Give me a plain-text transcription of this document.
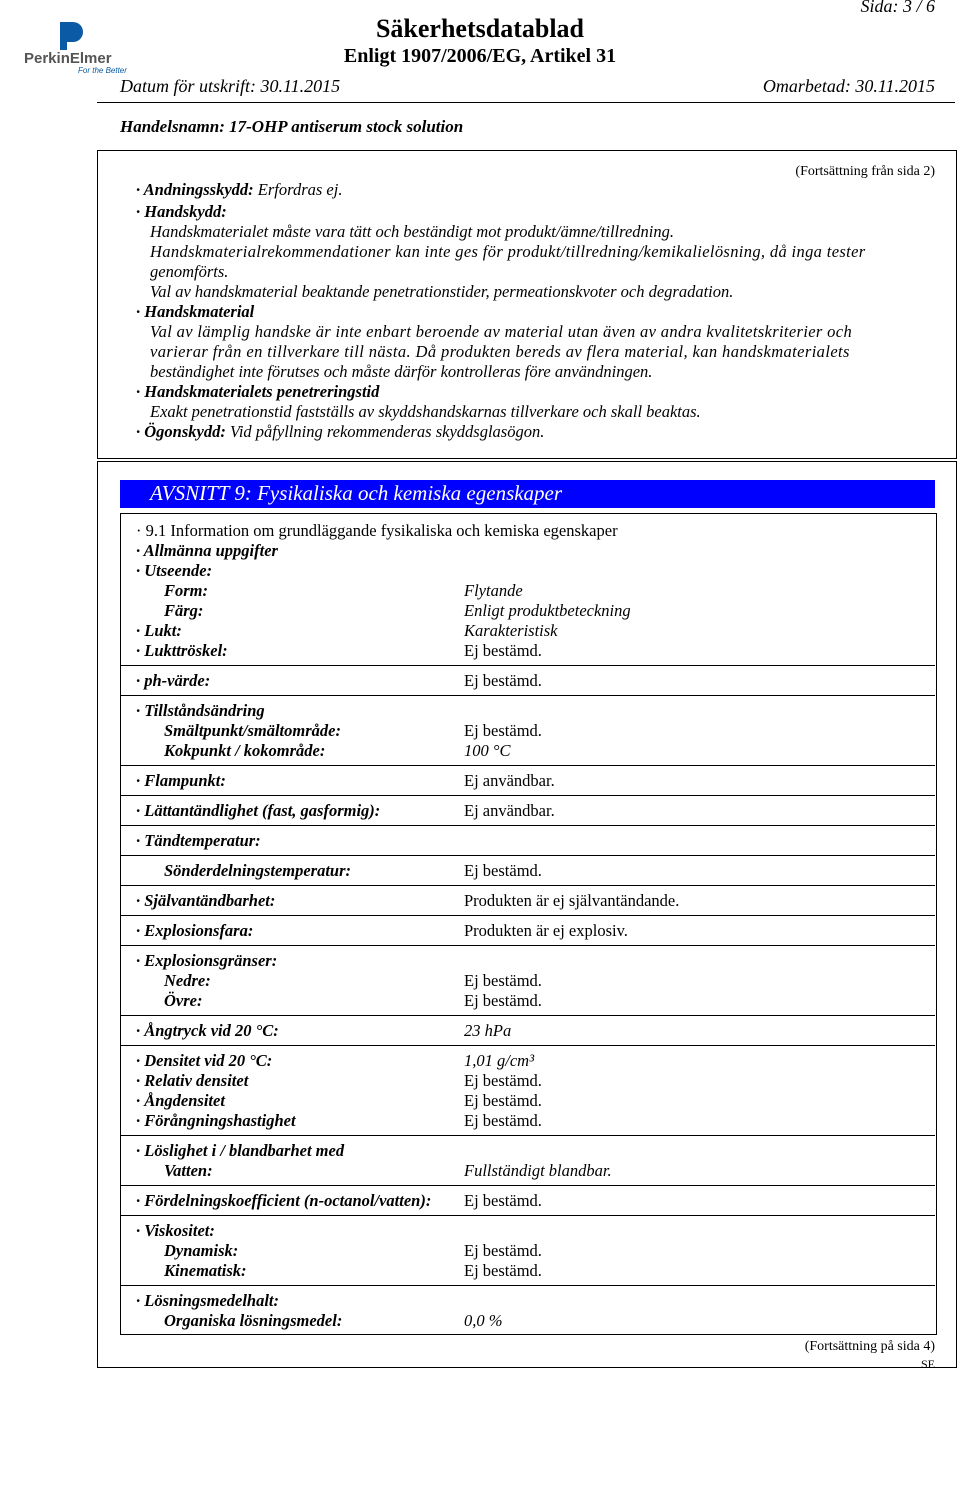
PerkinElmer
For the Better
Sida: 3 / 6
Säkerhetsdatablad
Enligt 1907/2006/EG, Artikel 31
Datum för utskrift: 30.11.2015	Omarbetad: 30.11.2015
Handelsnamn: 17-OHP antiserum stock solution
(Fortsättning från sida 2)
· Andningsskydd: Erfordras ej.
· Handskydd:
Handskmaterialet måste vara tätt och beständigt mot produkt/ämne/tillredning.
Handskmaterialrekommendationer kan inte ges för produkt/tillredning/kemikalielösning, då inga tester
genomförts.
Val av handskmaterial beaktande penetrationstider, permeationskvoter och degradation.
· Handskmaterial
Val av lämplig handske är inte enbart beroende av material utan även av andra kvalitetskriterier och
varierar från en tillverkare till nästa. Då produkten bereds av flera material, kan handskmaterialets
beständighet inte förutses och måste därför kontrolleras före användningen.
· Handskmaterialets penetreringstid
Exakt penetrationstid fastställs av skyddshandskarnas tillverkare och skall beaktas.
· Ögonskydd: Vid påfyllning rekommenderas skyddsglasögon.
AVSNITT 9: Fysikaliska och kemiska egenskaper
· 9.1 Information om grundläggande fysikaliska och kemiska egenskaper
· Allmänna uppgifter
· Utseende:
Form:	Flytande
Färg:	Enligt produktbeteckning
· Lukt:	Karakteristisk
· Lukttröskel:	Ej bestämd.
· ph-värde:	Ej bestämd.
· Tillståndsändring
Smältpunkt/smältområde:	Ej bestämd.
Kokpunkt / kokområde:	100 °C
· Flampunkt:	Ej användbar.
· Lättantändlighet (fast, gasformig):	Ej användbar.
· Tändtemperatur:
Sönderdelningstemperatur:	Ej bestämd.
· Självantändbarhet:	Produkten är ej självantändande.
· Explosionsfara:	Produkten är ej explosiv.
· Explosionsgränser:
Nedre:	Ej bestämd.
Övre:	Ej bestämd.
· Ångtryck vid 20 °C:	23 hPa
· Densitet vid 20 °C:	1,01 g/cm³
· Relativ densitet	Ej bestämd.
· Ångdensitet	Ej bestämd.
· Förångningshastighet	Ej bestämd.
· Löslighet i / blandbarhet med
Vatten:	Fullständigt blandbar.
· Fördelningskoefficient (n-octanol/vatten): Ej bestämd.
· Viskositet:
Dynamisk:	Ej bestämd.
Kinematisk:	Ej bestämd.
· Lösningsmedelhalt:
Organiska lösningsmedel:	0,0 %
(Fortsättning på sida 4)
SE
